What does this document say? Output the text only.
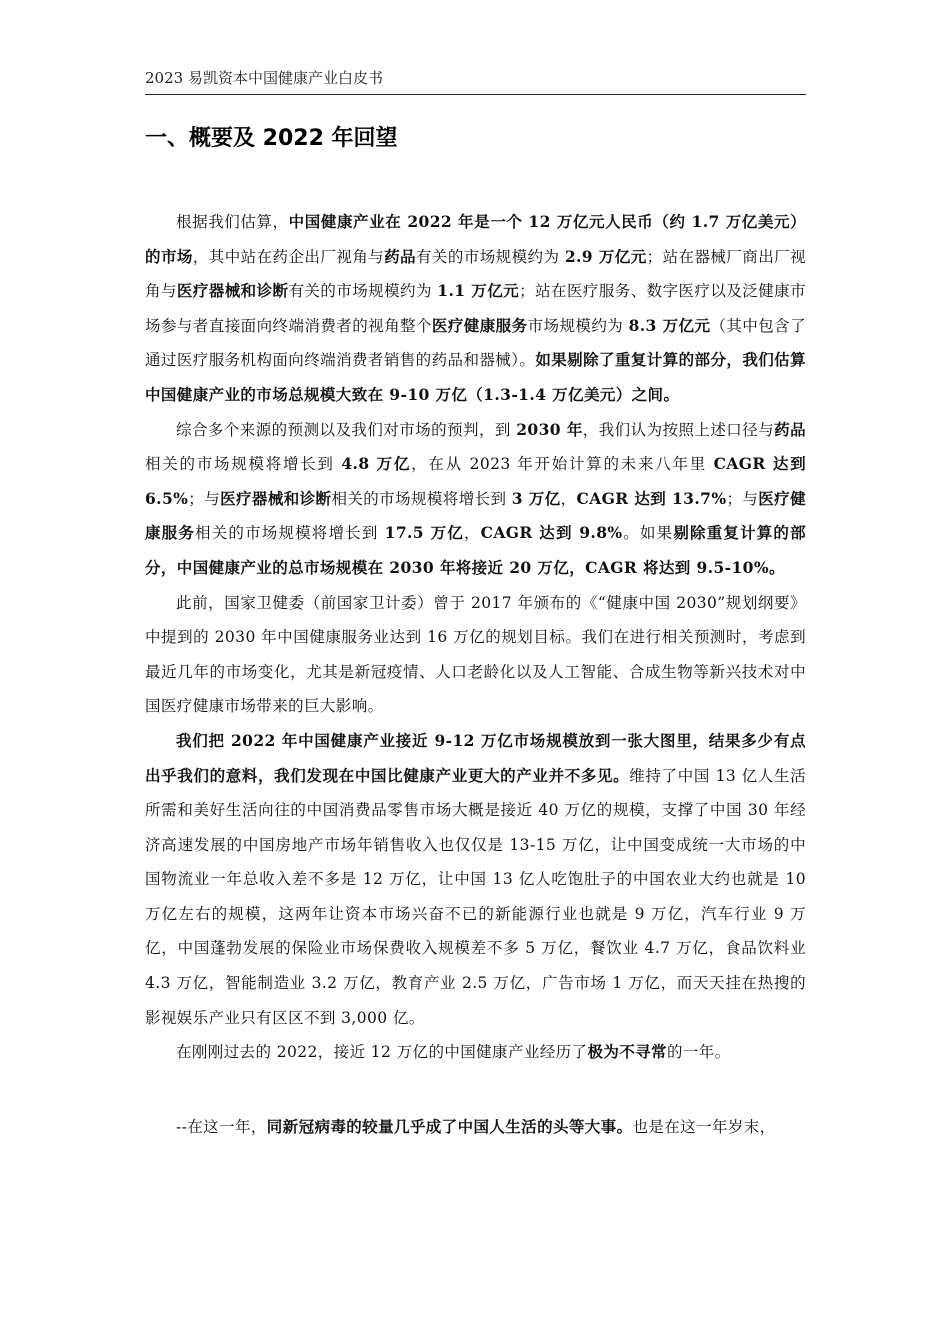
2023 易凯资本中国健康产业白皮书
一、概要及 2022 年回望

根据我们估算，中国健康产业在 2022 年是一个 12 万亿元人民币（约 1.7 万亿美元）的市场，其中站在药企出厂视角与药品有关的市场规模约为 2.9 万亿元；站在器械厂商出厂视角与医疗器械和诊断有关的市场规模约为 1.1 万亿元；站在医疗服务、数字医疗以及泛健康市场参与者直接面向终端消费者的视角整个医疗健康服务市场规模约为 8.3 万亿元（其中包含了通过医疗服务机构面向终端消费者销售的药品和器械）。如果剔除了重复计算的部分，我们估算中国健康产业的市场总规模大致在 9-10 万亿（1.3-1.4 万亿美元）之间。

综合多个来源的预测以及我们对市场的预判，到 2030 年，我们认为按照上述口径与药品相关的市场规模将增长到 4.8 万亿，在从 2023 年开始计算的未来八年里 CAGR 达到 6.5%；与医疗器械和诊断相关的市场规模将增长到 3 万亿，CAGR 达到 13.7%；与医疗健康服务相关的市场规模将增长到 17.5 万亿，CAGR 达到 9.8%。如果剔除重复计算的部分，中国健康产业的总市场规模在 2030 年将接近 20 万亿，CAGR 将达到 9.5-10%。

此前，国家卫健委（前国家卫计委）曾于 2017 年颁布的《“健康中国 2030”规划纲要》中提到的 2030 年中国健康服务业达到 16 万亿的规划目标。我们在进行相关预测时，考虑到最近几年的市场变化，尤其是新冠疫情、人口老龄化以及人工智能、合成生物等新兴技术对中国医疗健康市场带来的巨大影响。

我们把 2022 年中国健康产业接近 9-12 万亿市场规模放到一张大图里，结果多少有点出乎我们的意料，我们发现在中国比健康产业更大的产业并不多见。维持了中国 13 亿人生活所需和美好生活向往的中国消费品零售市场大概是接近 40 万亿的规模，支撑了中国 30 年经济高速发展的中国房地产市场年销售收入也仅仅是 13-15 万亿，让中国变成统一大市场的中国物流业一年总收入差不多是 12 万亿，让中国 13 亿人吃饱肚子的中国农业大约也就是 10 万亿左右的规模，这两年让资本市场兴奋不已的新能源行业也就是 9 万亿，汽车行业 9 万亿，中国蓬勃发展的保险业市场保费收入规模差不多 5 万亿，餐饮业 4.7 万亿，食品饮料业 4.3 万亿，智能制造业 3.2 万亿，教育产业 2.5 万亿，广告市场 1 万亿，而天天挂在热搜的影视娱乐产业只有区区不到 3,000 亿。

在刚刚过去的 2022，接近 12 万亿的中国健康产业经历了极为不寻常的一年。

--在这一年，同新冠病毒的较量几乎成了中国人生活的头等大事。也是在这一年岁末，
